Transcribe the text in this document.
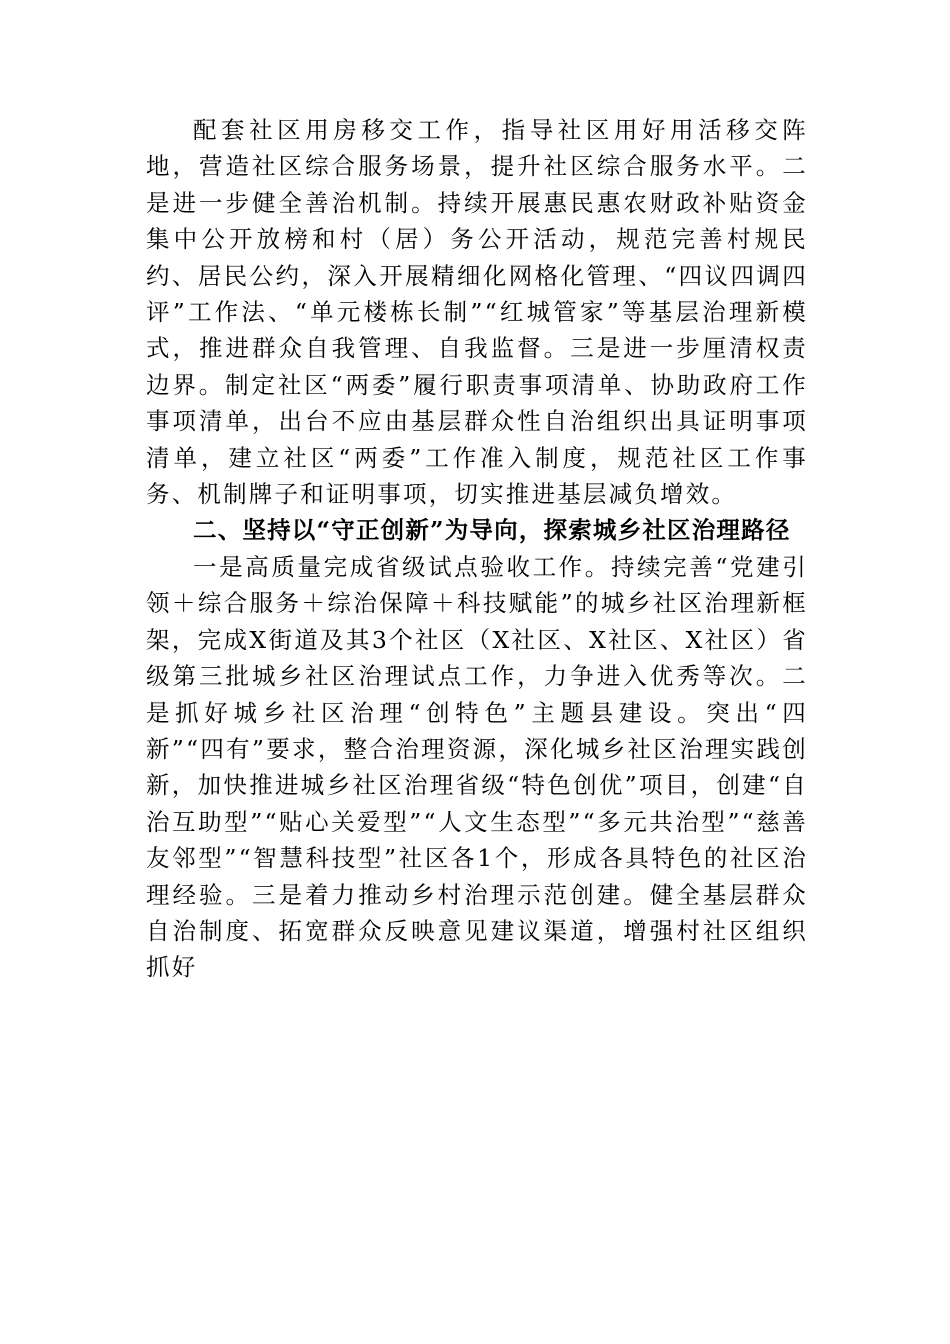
配套社区用房移交工作，指导社区用好用活移交阵地，营造社区综合服务场景，提升社区综合服务水平。二是进一步健全善治机制。持续开展惠民惠农财政补贴资金集中公开放榜和村（居）务公开活动，规范完善村规民约、居民公约，深入开展精细化网格化管理、“四议四调四评”工作法、“单元楼栋长制”“红城管家”等基层治理新模式，推进群众自我管理、自我监督。三是进一步厘清权责边界。制定社区“两委”履行职责事项清单、协助政府工作事项清单，出台不应由基层群众性自治组织出具证明事项清单，建立社区“两委”工作准入制度，规范社区工作事务、机制牌子和证明事项，切实推进基层减负增效。

二、坚持以“守正创新”为导向，探索城乡社区治理路径

一是高质量完成省级试点验收工作。持续完善“党建引领＋综合服务＋综治保障＋科技赋能”的城乡社区治理新框架，完成X街道及其3个社区（X社区、X社区、X社区）省级第三批城乡社区治理试点工作，力争进入优秀等次。二是抓好城乡社区治理“创特色”主题县建设。突出“四新”“四有”要求，整合治理资源，深化城乡社区治理实践创新，加快推进城乡社区治理省级“特色创优”项目，创建“自治互助型”“贴心关爱型”“人文生态型”“多元共治型”“慈善友邻型”“智慧科技型”社区各1个，形成各具特色的社区治理经验。三是着力推动乡村治理示范创建。健全基层群众自治制度、拓宽群众反映意见建议渠道，增强村社区组织抓好
